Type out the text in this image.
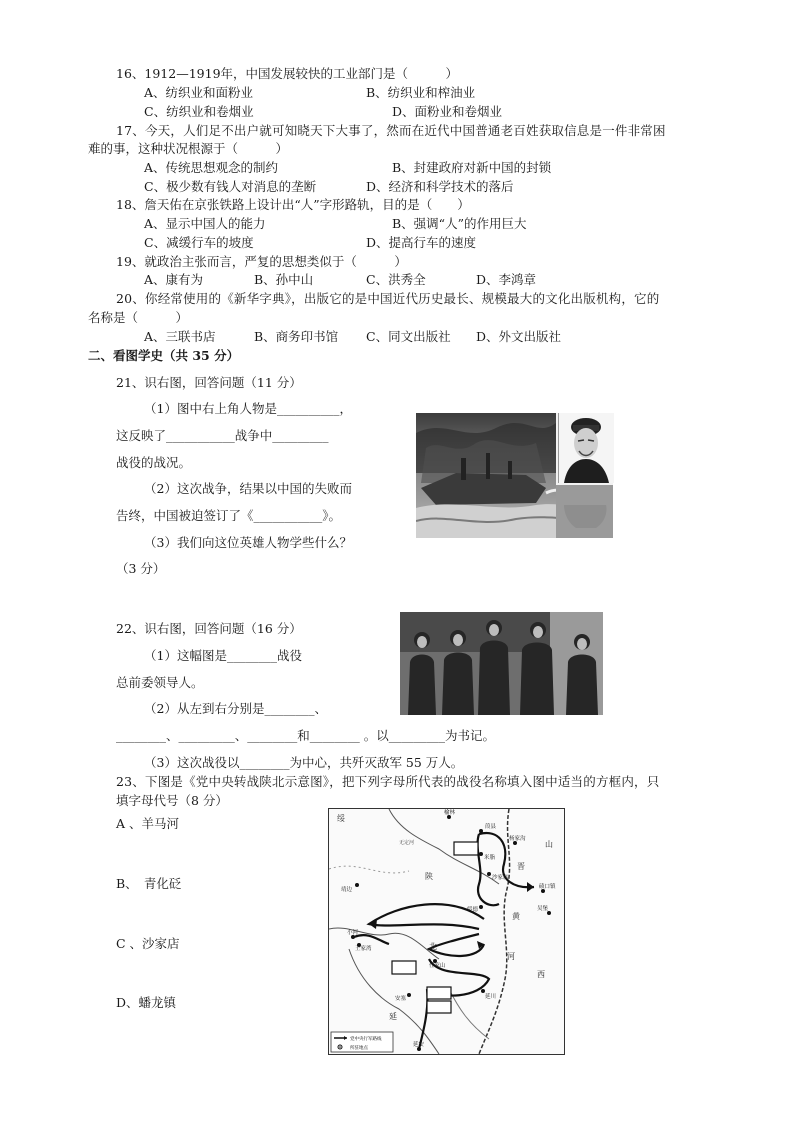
16、1912—1919年，中国发展较快的工业部门是（　　　）
A、纺织业和面粉业	B、纺织业和榨油业
C、纺织业和卷烟业	D、面粉业和卷烟业
17、今天，人们足不出户就可知晓天下大事了，然而在近代中国普通老百姓获取信息是一件非常困
难的事，这种状况根源于（　　　）
A、传统思想观念的制约	B、封建政府对新中国的封锁
C、极少数有钱人对消息的垄断	D、经济和科学技术的落后
18、詹天佑在京张铁路上设计出“人”字形路轨，目的是（　　）
A、显示中国人的能力	B、强调“人”的作用巨大
C、减缓行车的坡度	D、提高行车的速度
19、就政治主张而言，严复的思想类似于（　　　）
A、康有为	B、孙中山	C、洪秀全	D、李鸿章
20、你经常使用的《新华字典》，出版它的是中国近代历史最长、规模最大的文化出版机构，它的
名称是（　　　）
A、三联书店	B、商务印书馆 C、同文出版社 D、外文出版社
二、看图学史（共 35 分）
21、识右图，回答问题（11 分）
（1）图中右上角人物是__________，
这反映了___________战争中_________
战役的战况。
（2）这次战争，结果以中国的失败而
告终，中国被迫签订了《___________》。
（3）我们向这位英雄人物学些什么？
（3 分）
22、识右图，回答问题（16 分）
（1）这幅图是________战役
总前委领导人。
（2）从左到右分别是________、
________、_________、________和________ 。以_________为书记。
（3）这次战役以________为中心，共歼灭敌军 55 万人。
23、下图是《党中央转战陕北示意图》，把下列字母所代表的战役名称填入图中适当的方框内，只
填字母代号（8 分）
A 、羊马河
B、　青化砭
C 、沙家店
D、蟠龙镇
榆林
葭县
杨家沟
米脂
沙家店
碛口镇
吴堡
绥德
靖边
小河
王家湾
任家山
安塞	延川
延安
绥
陕
北
山
西
黄
河
延
晋
无定河
党中央行军路线
所驻地点
